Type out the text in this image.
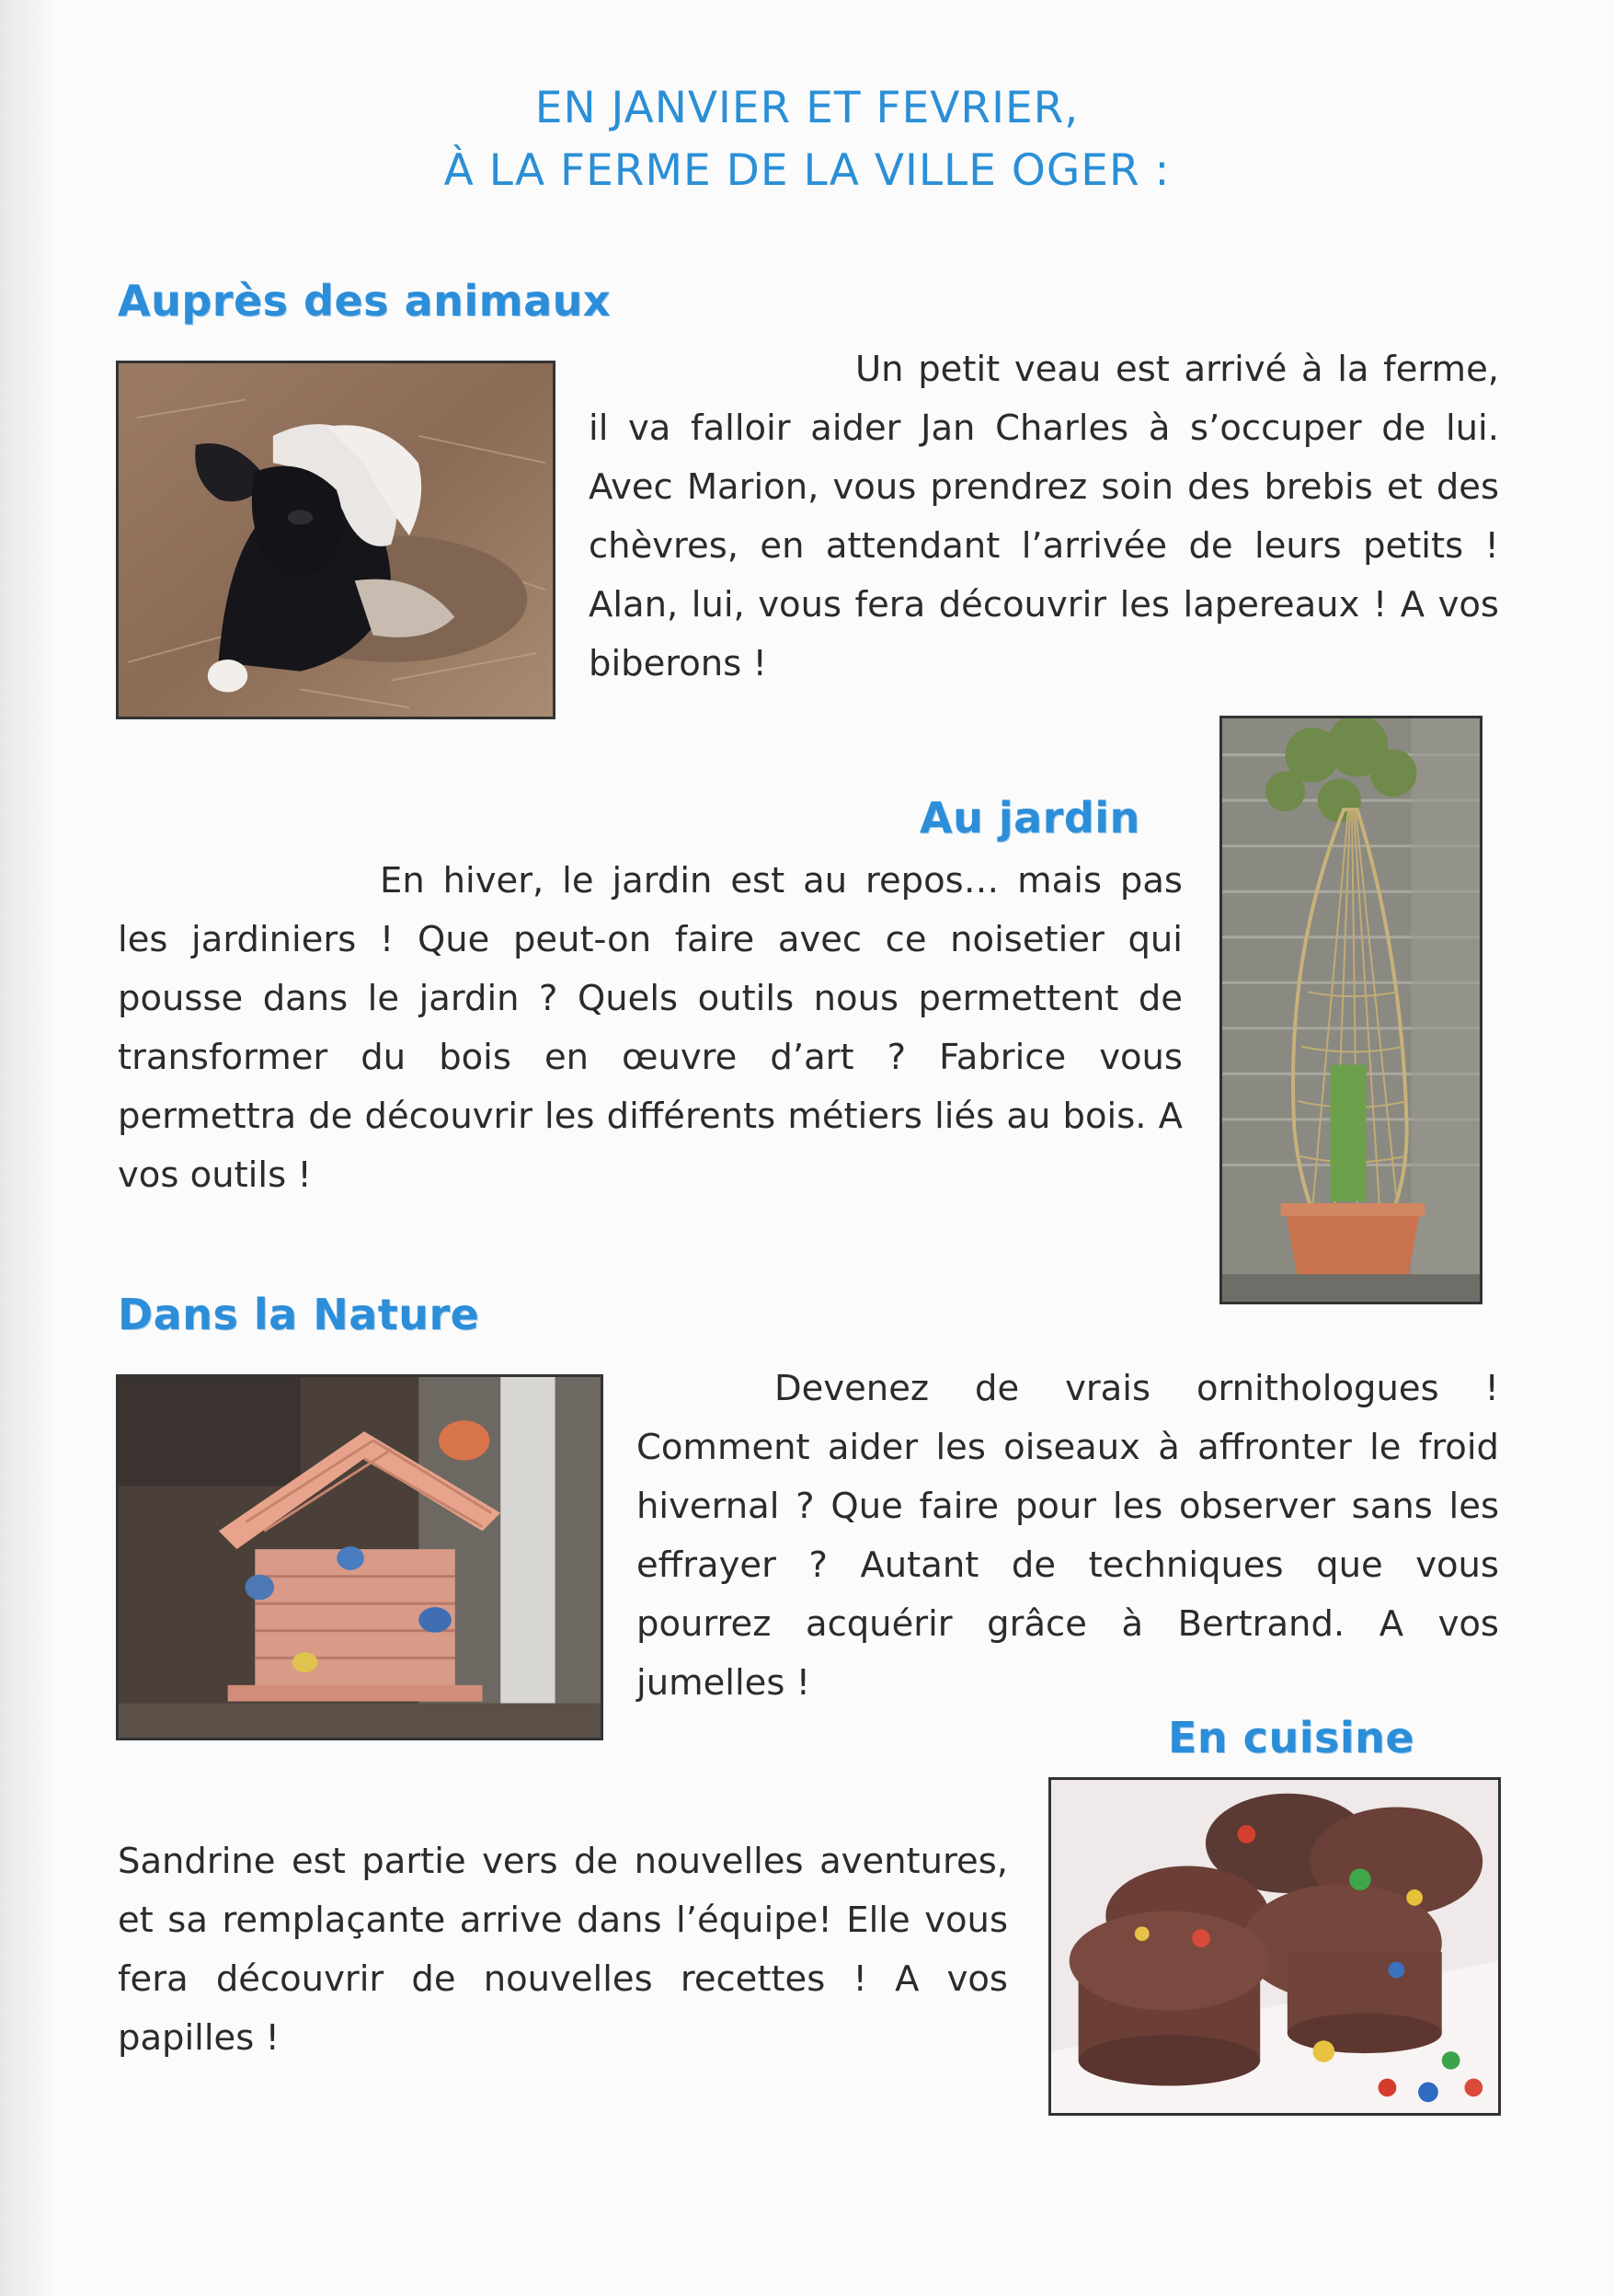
EN JANVIER ET FEVRIER,
À LA FERME DE LA VILLE OGER :
Auprès des animaux

Un petit veau est arrivé à la ferme, il va falloir aider Jan Charles à s’occuper de lui. Avec Marion, vous prendrez soin des brebis et des chèvres, en attendant l’arrivée de leurs petits ! Alan, lui, vous fera découvrir les lapereaux ! A vos biberons !

Au jardin

En hiver, le jardin est au repos… mais pas les jardiniers ! Que peut-on faire avec ce noisetier qui pousse dans le jardin ? Quels outils nous permettent de transformer du bois en œuvre d’art ? Fabrice vous permettra de découvrir les différents métiers liés au bois. A vos outils !

Dans la Nature

Devenez de vrais ornithologues ! Comment aider les oiseaux à affronter le froid hivernal ? Que faire pour les observer sans les effrayer ? Autant de techniques que vous pourrez acquérir grâce à Bertrand. A vos jumelles !

En cuisine

Sandrine est partie vers de nouvelles aventures, et sa remplaçante arrive dans l’équipe! Elle vous fera découvrir de nouvelles recettes ! A vos papilles !
